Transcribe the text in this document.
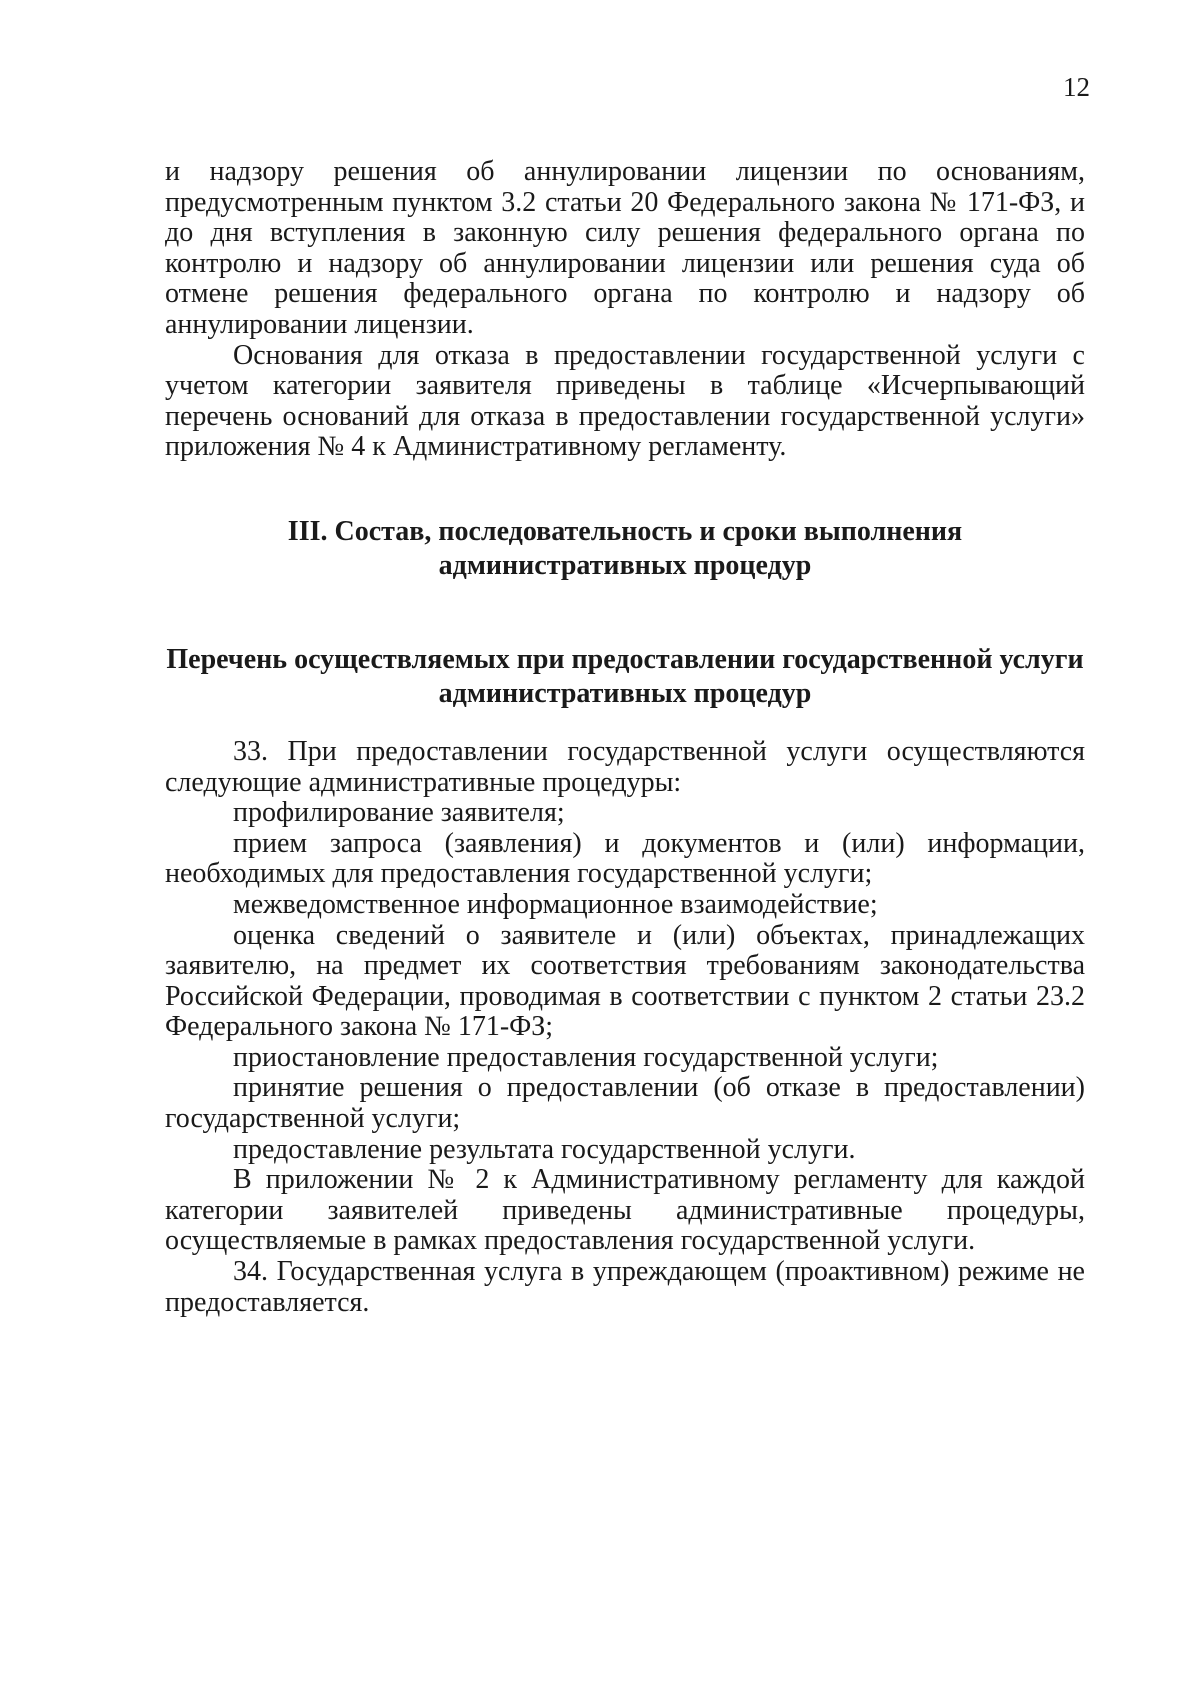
12

и надзору решения об аннулировании лицензии по основаниям, предусмотренным пунктом 3.2 статьи 20 Федерального закона № 171-ФЗ, и до дня вступления в законную силу решения федерального органа по контролю и надзору об аннулировании лицензии или решения суда об отмене решения федерального органа по контролю и надзору об аннулировании лицензии.

Основания для отказа в предоставлении государственной услуги с учетом категории заявителя приведены в таблице «Исчерпывающий перечень оснований для отказа в предоставлении государственной услуги» приложения № 4 к Административному регламенту.

III. Состав, последовательность и сроки выполнения административных процедур

Перечень осуществляемых при предоставлении государственной услуги административных процедур

33. При предоставлении государственной услуги осуществляются следующие административные процедуры:

профилирование заявителя;

прием запроса (заявления) и документов и (или) информации, необходимых для предоставления государственной услуги;

межведомственное информационное взаимодействие;

оценка сведений о заявителе и (или) объектах, принадлежащих заявителю, на предмет их соответствия требованиям законодательства Российской Федерации, проводимая в соответствии с пунктом 2 статьи 23.2 Федерального закона № 171-ФЗ;

приостановление предоставления государственной услуги;

принятие решения о предоставлении (об отказе в предоставлении) государственной услуги;

предоставление результата государственной услуги.

В приложении № 2 к Административному регламенту для каждой категории заявителей приведены административные процедуры, осуществляемые в рамках предоставления государственной услуги.

34. Государственная услуга в упреждающем (проактивном) режиме не предоставляется.
